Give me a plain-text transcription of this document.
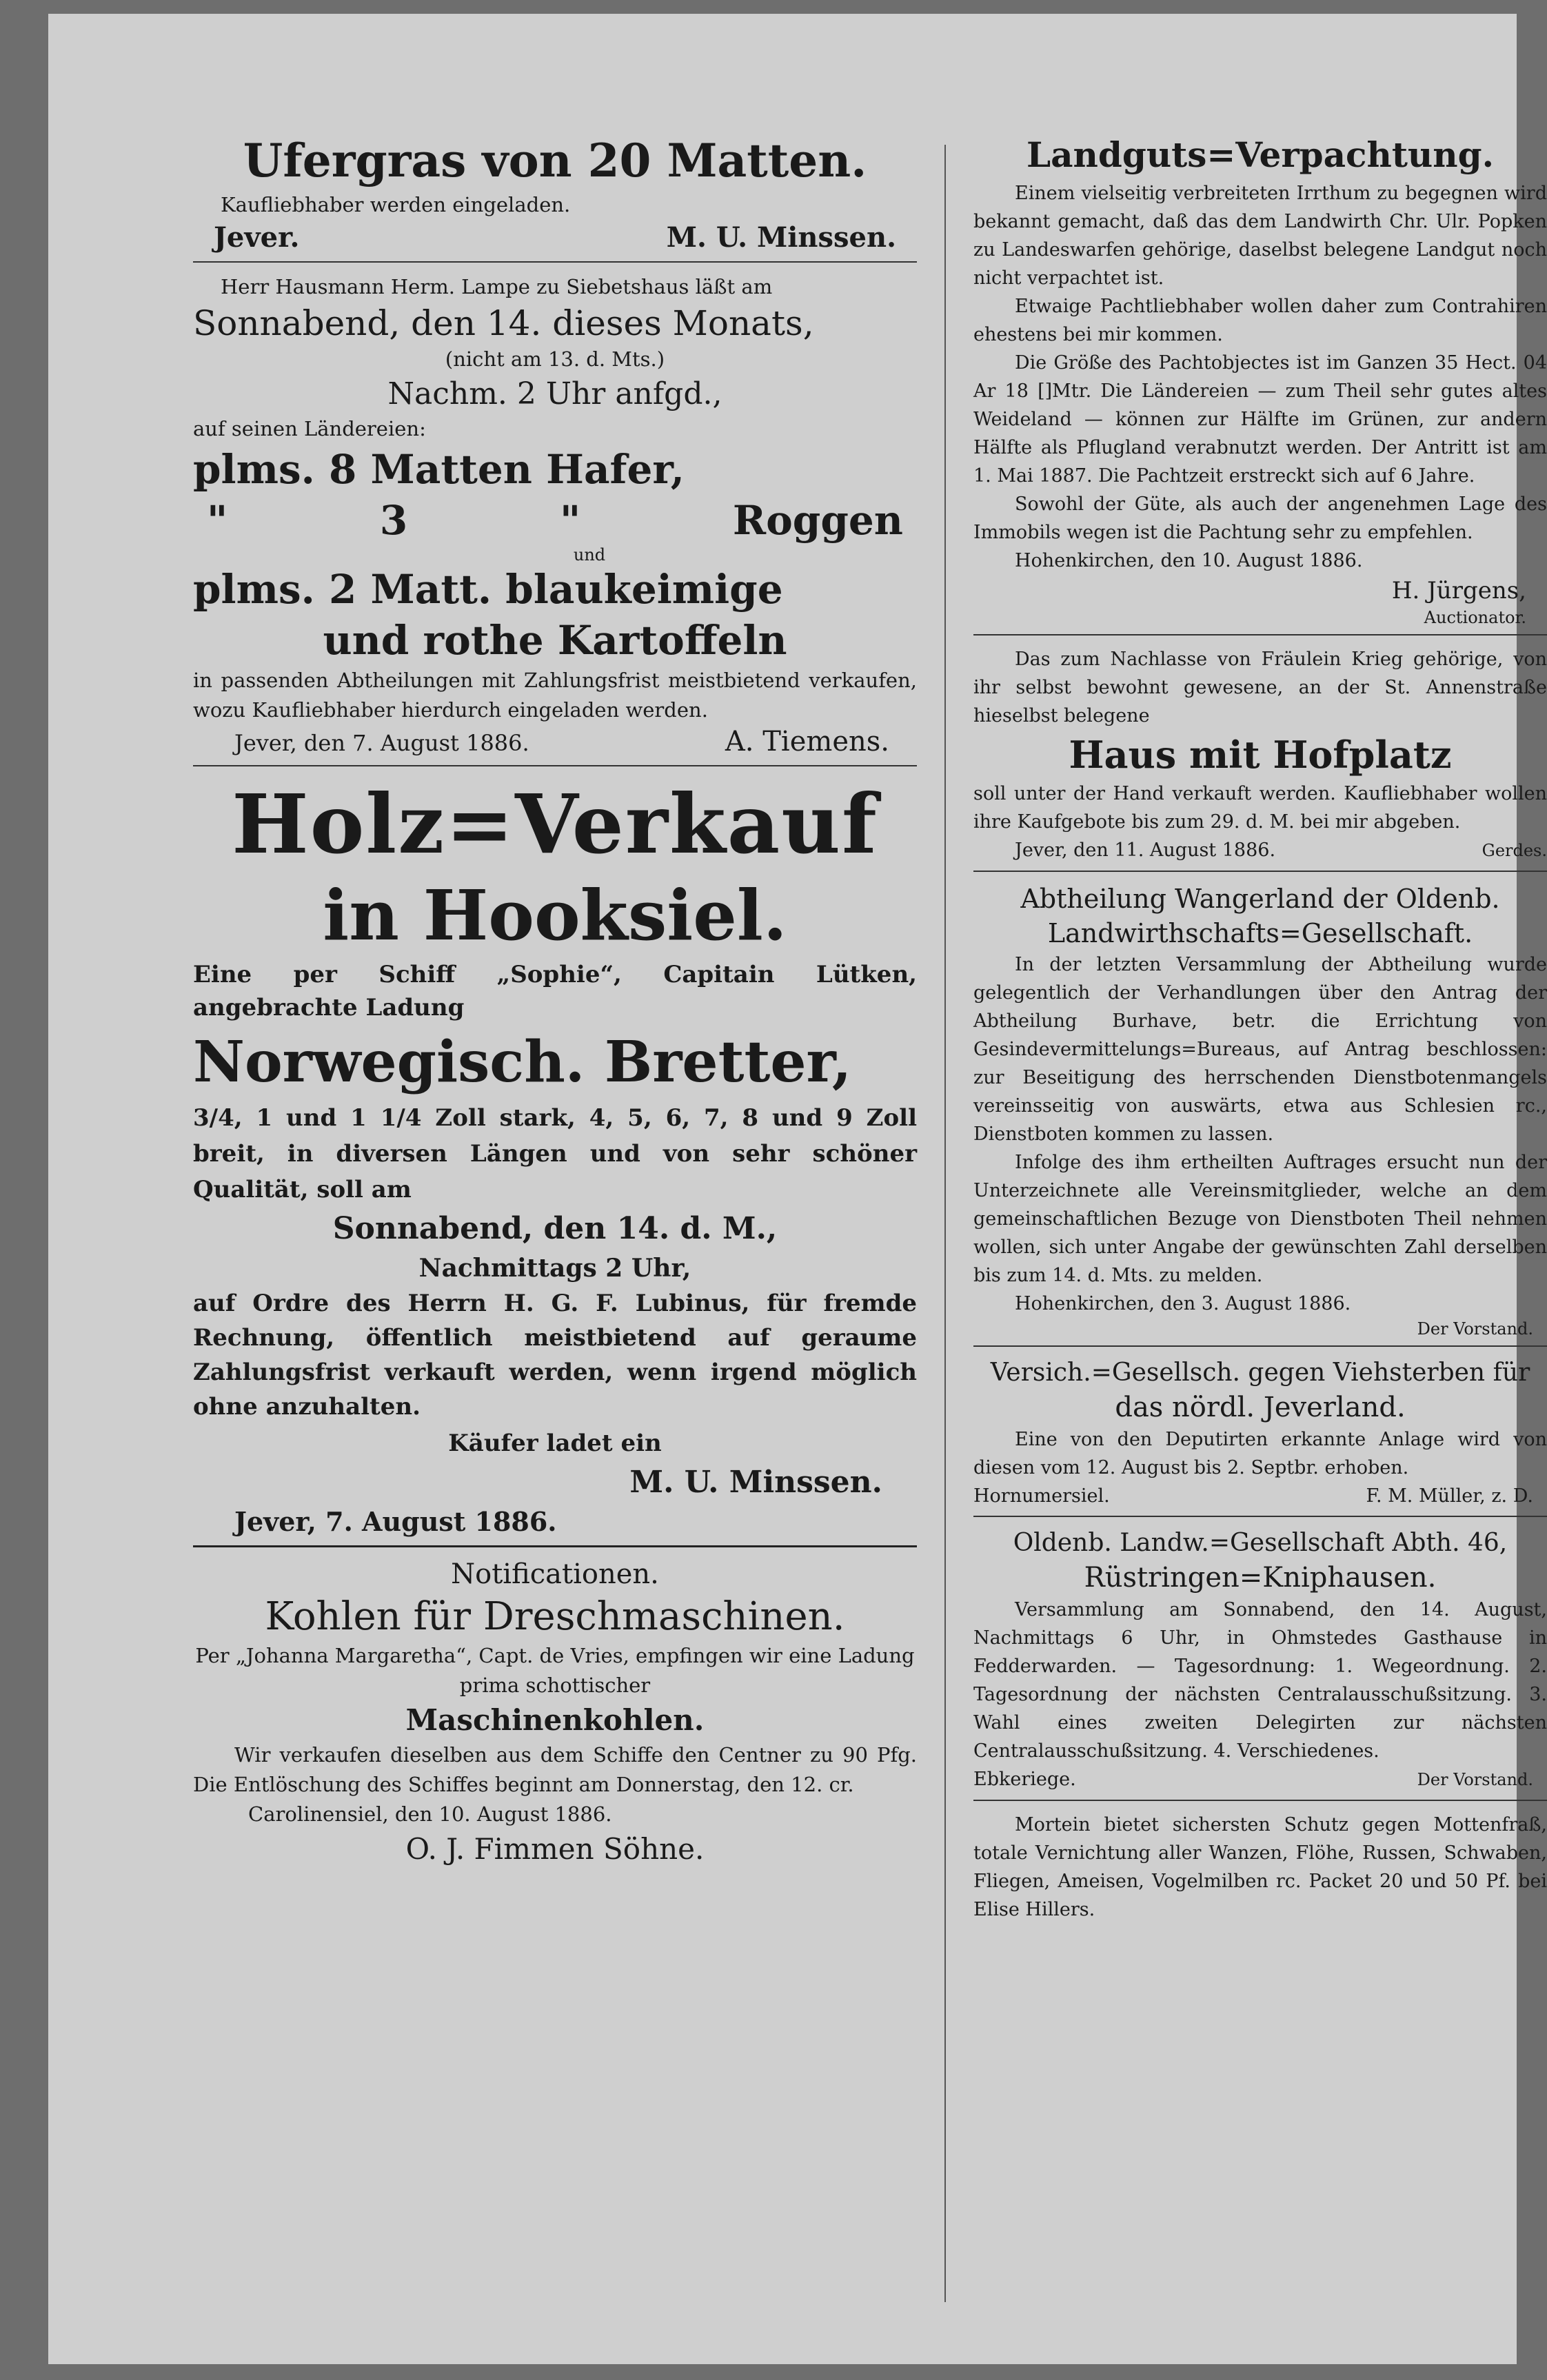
Ufergras von 20 Matten.

Kaufliebhaber werden eingeladen.

Jever.	M. U. Minssen.

Herr Hausmann Herm. Lampe zu Siebetshaus läßt am

Sonnabend, den 14. dieses Monats,

(nicht am 13. d. Mts.)

Nachm. 2 Uhr anfgd.,

auf seinen Ländereien:

plms. 8 Matten Hafer,

"	3	"	Roggen

und

plms. 2 Matt. blaukeimige

und rothe Kartoffeln

in passenden Abtheilungen mit Zahlungsfrist meistbietend verkaufen, wozu Kaufliebhaber hierdurch eingeladen werden.

Jever, den 7. August 1886.	A. Tiemens.

Holz=Verkauf

in Hooksiel.

Eine per Schiff „Sophie“, Capitain Lütken, angebrachte Ladung

Norwegisch. Bretter,

3/4, 1 und 1 1/4 Zoll stark, 4, 5, 6, 7, 8 und 9 Zoll breit, in diversen Längen und von sehr schöner Qualität, soll am

Sonnabend, den 14. d. M.,

Nachmittags 2 Uhr,

auf Ordre des Herrn H. G. F. Lubinus, für fremde Rechnung, öffentlich meistbietend auf geraume Zahlungsfrist verkauft werden, wenn irgend möglich ohne anzuhalten.

Käufer ladet ein

M. U. Minssen.

Jever, 7. August 1886.

Notificationen.

Kohlen für Dreschmaschinen.

Per „Johanna Margaretha“, Capt. de Vries, empfingen wir eine Ladung prima schottischer

Maschinenkohlen.

Wir verkaufen dieselben aus dem Schiffe den Centner zu 90 Pfg. Die Entlöschung des Schiffes beginnt am Donnerstag, den 12. cr.

Carolinensiel, den 10. August 1886.

O. J. Fimmen Söhne.

Landguts=Verpachtung.

Einem vielseitig verbreiteten Irrthum zu begegnen wird bekannt gemacht, daß das dem Landwirth Chr. Ulr. Popken zu Landeswarfen gehörige, daselbst belegene Landgut noch nicht verpachtet ist.

Etwaige Pachtliebhaber wollen daher zum Contrahiren ehestens bei mir kommen.

Die Größe des Pachtobjectes ist im Ganzen 35 Hect. 04 Ar 18 []Mtr. Die Ländereien — zum Theil sehr gutes altes Weideland — können zur Hälfte im Grünen, zur andern Hälfte als Pflugland verabnutzt werden. Der Antritt ist am 1. Mai 1887. Die Pachtzeit erstreckt sich auf 6 Jahre.

Sowohl der Güte, als auch der angenehmen Lage des Immobils wegen ist die Pachtung sehr zu empfehlen.

Hohenkirchen, den 10. August 1886.

H. Jürgens,

Auctionator.

Das zum Nachlasse von Fräulein Krieg gehörige, von ihr selbst bewohnt gewesene, an der St. Annenstraße hieselbst belegene

Haus mit Hofplatz

soll unter der Hand verkauft werden. Kaufliebhaber wollen ihre Kaufgebote bis zum 29. d. M. bei mir abgeben.

Jever, den 11. August 1886.	Gerdes.

Abtheilung Wangerland der Oldenb.

Landwirthschafts=Gesellschaft.

In der letzten Versammlung der Abtheilung wurde gelegentlich der Verhandlungen über den Antrag der Abtheilung Burhave, betr. die Errichtung von Gesindevermittelungs=Bureaus, auf Antrag beschlossen: zur Beseitigung des herrschenden Dienstbotenmangels vereinsseitig von auswärts, etwa aus Schlesien rc., Dienstboten kommen zu lassen.

Infolge des ihm ertheilten Auftrages ersucht nun der Unterzeichnete alle Vereinsmitglieder, welche an dem gemeinschaftlichen Bezuge von Dienstboten Theil nehmen wollen, sich unter Angabe der gewünschten Zahl derselben bis zum 14. d. Mts. zu melden.

Hohenkirchen, den 3. August 1886.

Der Vorstand.

Versich.=Gesellsch. gegen Viehsterben für

das nördl. Jeverland.

Eine von den Deputirten erkannte Anlage wird von diesen vom 12. August bis 2. Septbr. erhoben.

Hornumersiel.	F. M. Müller, z. D.

Oldenb. Landw.=Gesellschaft Abth. 46,

Rüstringen=Kniphausen.

Versammlung am Sonnabend, den 14. August, Nachmittags 6 Uhr, in Ohmstedes Gasthause in Fedderwarden. — Tagesordnung: 1. Wegeordnung. 2. Tagesordnung der nächsten Centralausschußsitzung. 3. Wahl eines zweiten Delegirten zur nächsten Centralausschußsitzung. 4. Verschiedenes.

Ebkeriege.	Der Vorstand.

Mortein bietet sichersten Schutz gegen Mottenfraß, totale Vernichtung aller Wanzen, Flöhe, Russen, Schwaben, Fliegen, Ameisen, Vogelmilben rc. Packet 20 und 50 Pf. bei Elise Hillers.
